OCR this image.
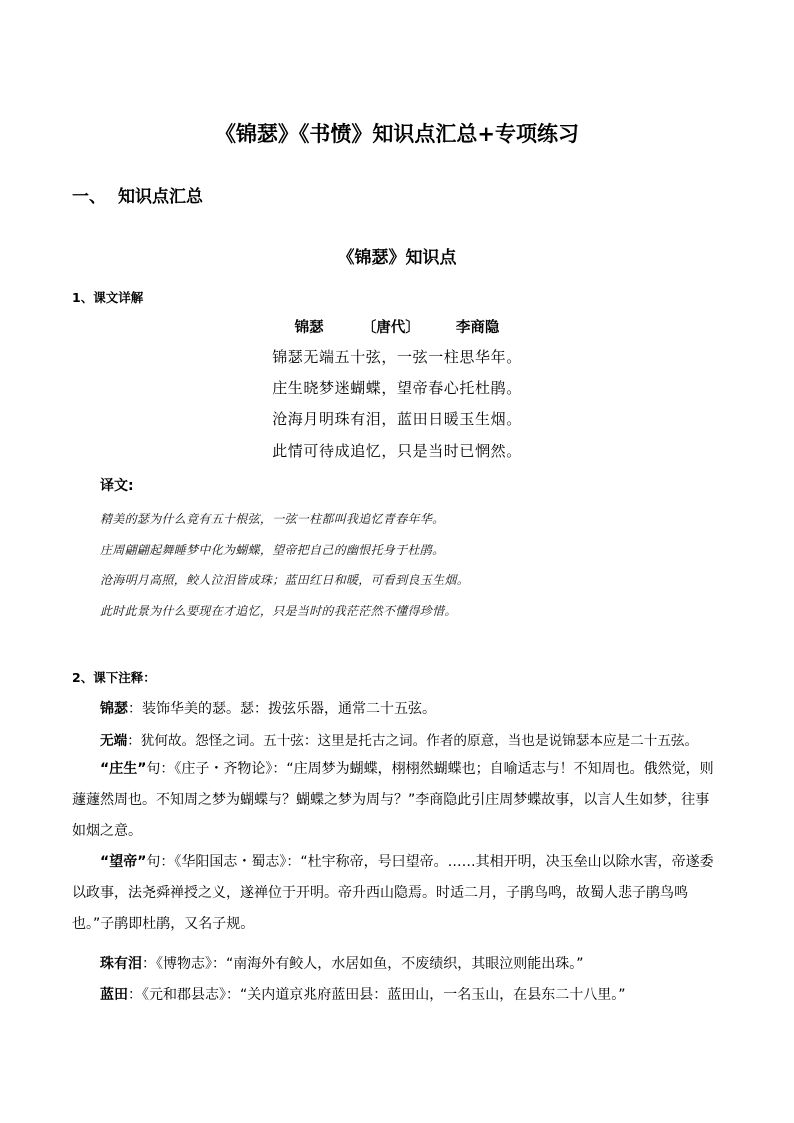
《锦瑟》《书愤》知识点汇总+专项练习
一、 知识点汇总
《锦瑟》知识点
1、课文详解
锦瑟	〔唐代〕 李商隐
锦瑟无端五十弦，一弦一柱思华年。
庄生晓梦迷蝴蝶，望帝春心托杜鹃。
沧海月明珠有泪，蓝田日暖玉生烟。
此情可待成追忆，只是当时已惘然。
译文:
精美的瑟为什么竟有五十根弦，一弦一柱都叫我追忆青春年华。
庄周翩翩起舞睡梦中化为蝴蝶，望帝把自己的幽恨托身于杜鹃。
沧海明月高照，鲛人泣泪皆成珠；蓝田红日和暖，可看到良玉生烟。
此时此景为什么要现在才追忆，只是当时的我茫茫然不懂得珍惜。
2、课下注释：
锦瑟：装饰华美的瑟。瑟：拨弦乐器，通常二十五弦。
无端：犹何故。怨怪之词。五十弦：这里是托古之词。作者的原意，当也是说锦瑟本应是二十五弦。
“庄生”句：《庄子・齐物论》：“庄周梦为蝴蝶，栩栩然蝴蝶也；自喻适志与！不知周也。俄然觉，则蘧蘧然周也。不知周之梦为蝴蝶与？蝴蝶之梦为周与？”李商隐此引庄周梦蝶故事，以言人生如梦，往事如烟之意。
“望帝”句：《华阳国志・蜀志》：“杜宇称帝，号曰望帝。……其相开明，决玉垒山以除水害，帝遂委以政事，法尧舜禅授之义，遂禅位于开明。帝升西山隐焉。时适二月，子鹃鸟鸣，故蜀人悲子鹃鸟鸣也。”子鹃即杜鹃，又名子规。
珠有泪：《博物志》：“南海外有鲛人，水居如鱼，不废绩织，其眼泣则能出珠。”
蓝田：《元和郡县志》：“关内道京兆府蓝田县：蓝田山，一名玉山，在县东二十八里。”
